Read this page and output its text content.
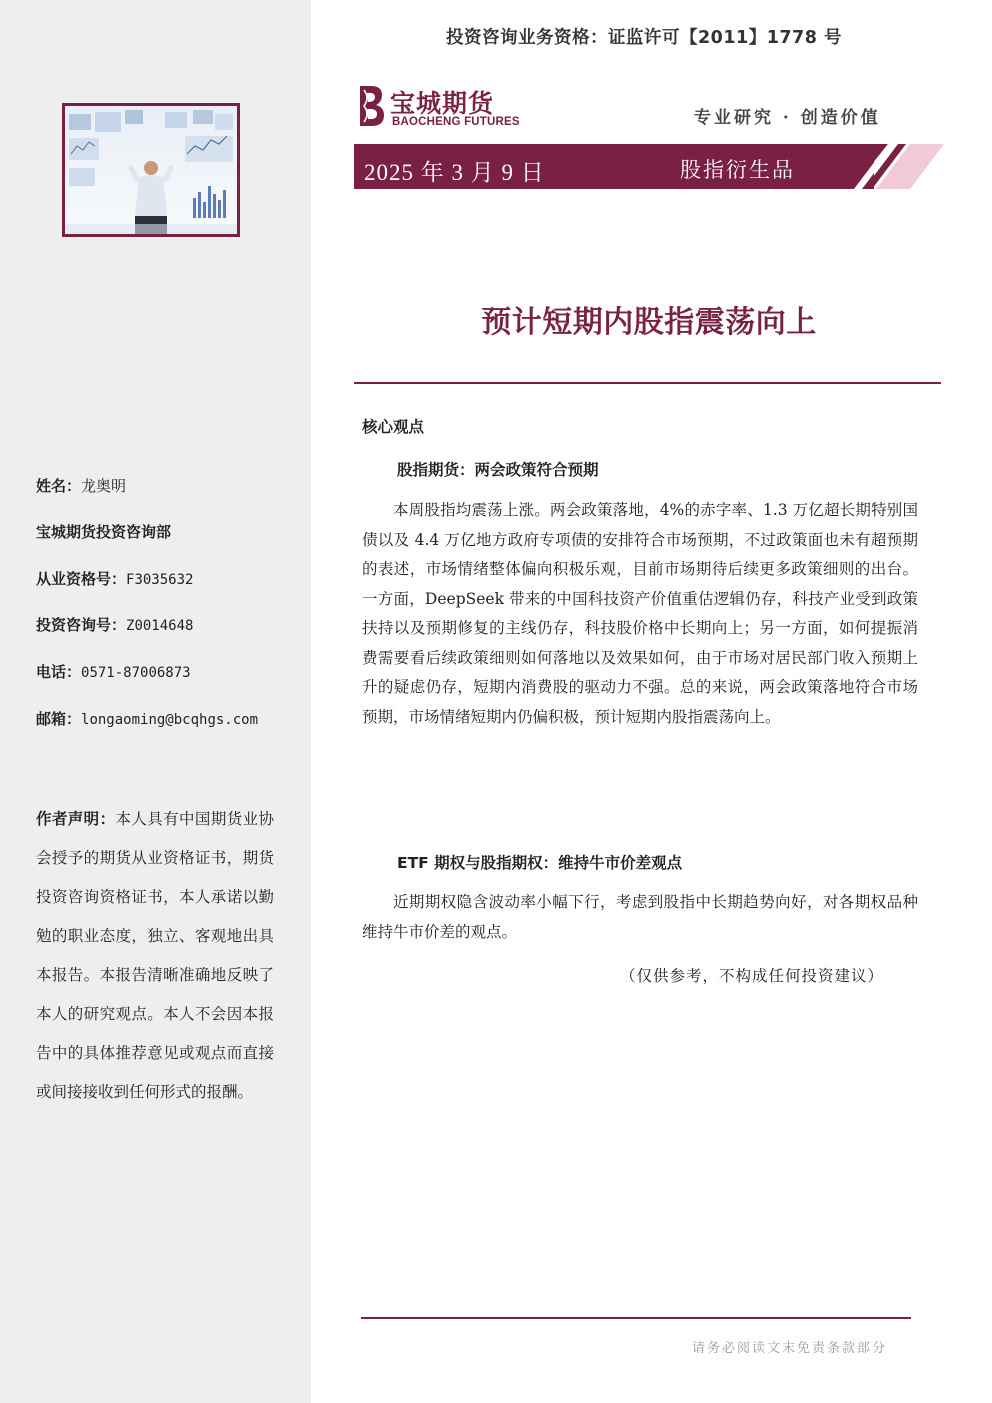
姓名：龙奥明
宝城期货投资咨询部
从业资格号：F3035632
投资咨询号：Z0014648
电话：0571-87006873
邮箱：longaoming@bcqhgs.com
作者声明：本人具有中国期货业协会授予的期货从业资格证书，期货投资咨询资格证书，本人承诺以勤勉的职业态度，独立、客观地出具本报告。本报告清晰准确地反映了本人的研究观点。本人不会因本报告中的具体推荐意见或观点而直接或间接接收到任何形式的报酬。
投资咨询业务资格：证监许可【2011】1778 号
宝城期货
BAOCHENG FUTURES	专业研究 · 创造价值
2025 年 3 月 9 日	股指衍生品
预计短期内股指震荡向上
核心观点
股指期货：两会政策符合预期
本周股指均震荡上涨。两会政策落地，4%的赤字率、1.3 万亿超长期特别国债以及 4.4 万亿地方政府专项债的安排符合市场预期，不过政策面也未有超预期的表述，市场情绪整体偏向积极乐观，目前市场期待后续更多政策细则的出台。一方面，DeepSeek 带来的中国科技资产价值重估逻辑仍存，科技产业受到政策扶持以及预期修复的主线仍存，科技股价格中长期向上；另一方面，如何提振消费需要看后续政策细则如何落地以及效果如何，由于市场对居民部门收入预期上升的疑虑仍存，短期内消费股的驱动力不强。总的来说，两会政策落地符合市场预期，市场情绪短期内仍偏积极，预计短期内股指震荡向上。
ETF 期权与股指期权：维持牛市价差观点
近期期权隐含波动率小幅下行，考虑到股指中长期趋势向好，对各期权品种维持牛市价差的观点。
（仅供参考，不构成任何投资建议）
请务必阅读文末免责条款部分
